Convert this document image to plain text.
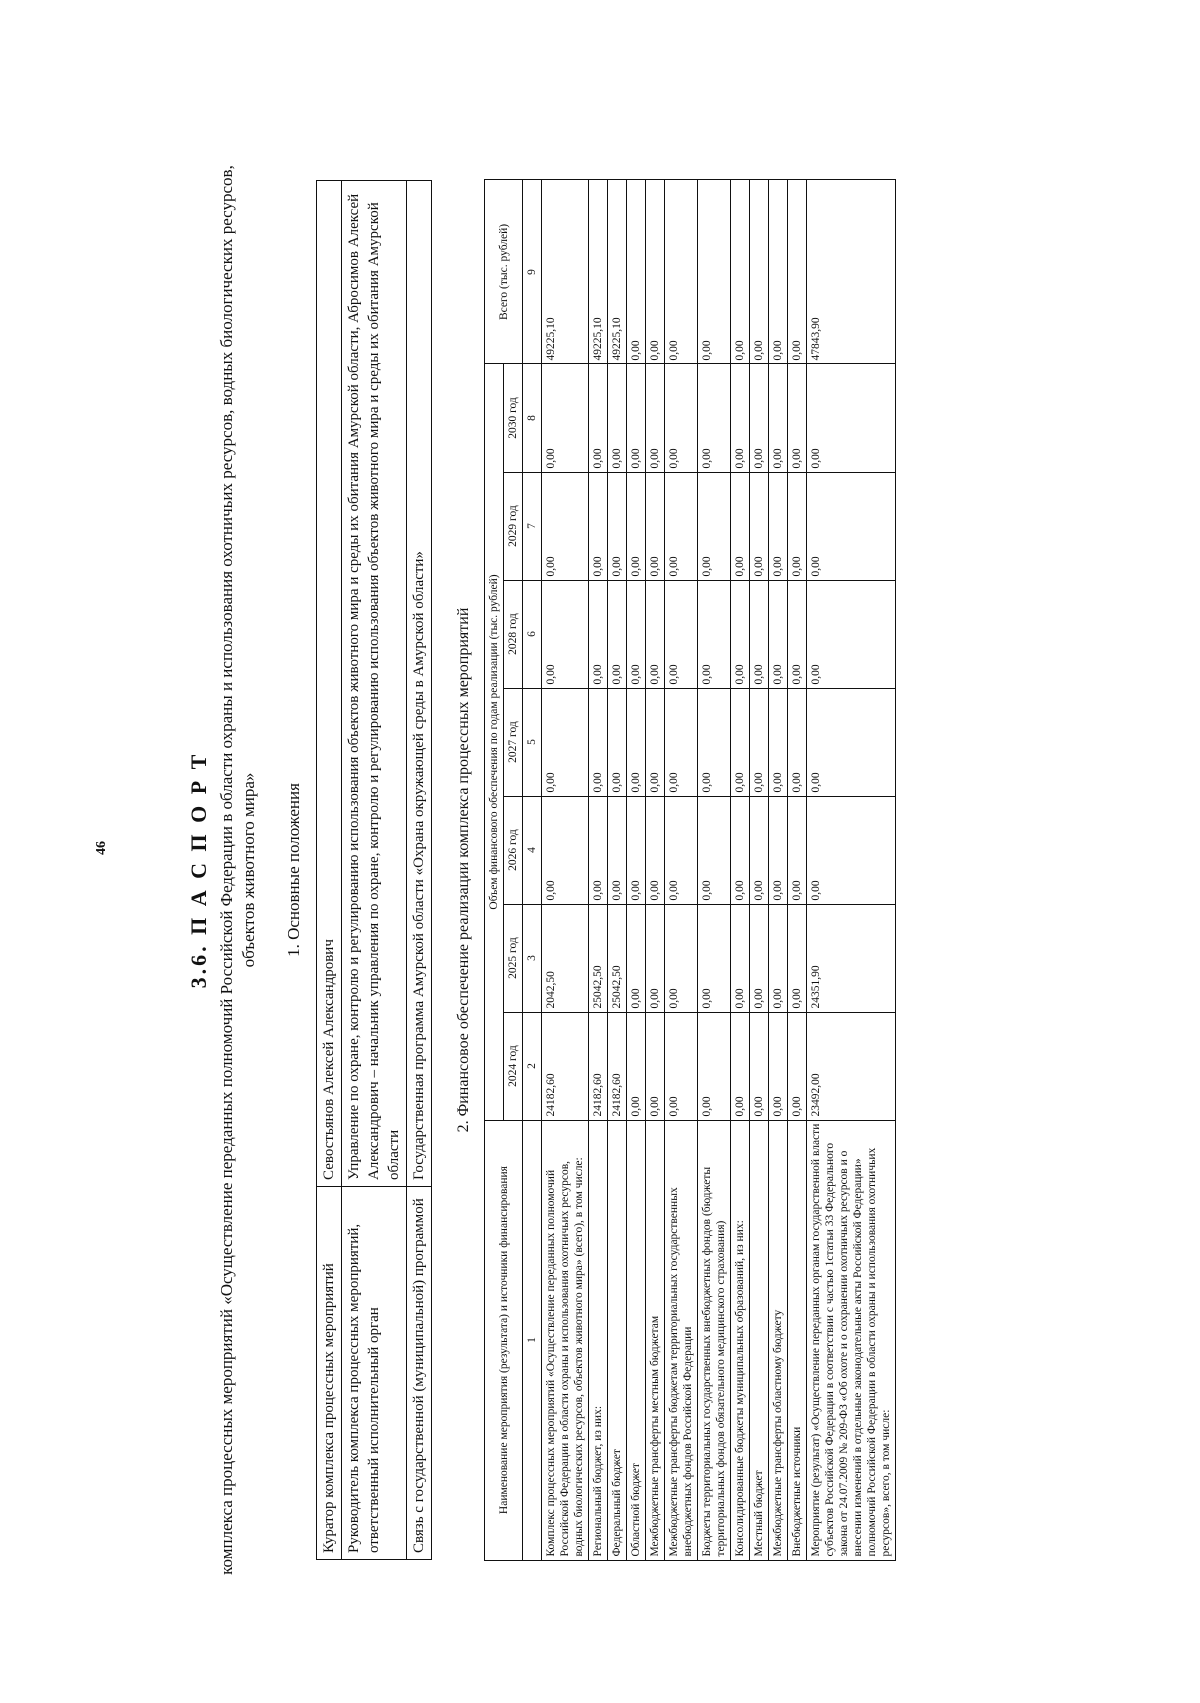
46	3.6. П А С П О Р Т комплекса процессных мероприятий «Осуществление переданных полномочий Российской Федерации в области охраны и использования охотничьих ресурсов, водных биологических ресурсов, объектов животного мира» 1. Основные положения
Куратор комплекса процессных мероприятий	Севостьянов Алексей Александрович
Руководитель комплекса процессных мероприятий, ответственный исполнительный орган	Управление по охране, контролю и регулированию использования объектов животного мира и среды их обитания Амурской области, Абросимов Алексей Александрович – начальник управления по охране, контролю и регулированию использования объектов животного мира и среды их обитания Амурской области
Связь с государственной (муниципальной) программой	Государственная программа Амурской области «Охрана окружающей среды в Амурской области» 2. Финансовое обеспечение реализации комплекса процессных мероприятий
Наименование мероприятия (результата) и источники финансирования	Объем финансового обеспечения по годам реализации (тыс. рублей)							Всего (тыс. рублей)
	2024 год	2025 год	2026 год	2027 год	2028 год	2029 год	2030 год	
1	2	3	4	5	6	7	8	9
Комплекс процессных мероприятий «Осуществление переданных полномочий Российской Федерации в области охраны и использования охотничьих ресурсов, водных биологических ресурсов, объектов животного мира» (всего), в том числе:	24182,60	2042,50	0,00	0,00	0,00	0,00	0,00	49225,10
Региональный бюджет, из них:	24182,60	25042,50	0,00	0,00	0,00	0,00	0,00	49225,10
Федеральный бюджет	24182,60	25042,50	0,00	0,00	0,00	0,00	0,00	49225,10
Областной бюджет	0,00	0,00	0,00	0,00	0,00	0,00	0,00	0,00
Межбюджетные трансферты местным бюджетам	0,00	0,00	0,00	0,00	0,00	0,00	0,00	0,00
Межбюджетные трансферты бюджетам территориальных государственных внебюджетных фондов Российской Федерации	0,00	0,00	0,00	0,00	0,00	0,00	0,00	0,00
Бюджеты территориальных государственных внебюджетных фондов (бюджеты территориальных фондов обязательного медицинского страхования)	0,00	0,00	0,00	0,00	0,00	0,00	0,00	0,00
Консолидированные бюджеты муниципальных образований, из них:	0,00	0,00	0,00	0,00	0,00	0,00	0,00	0,00
Местный бюджет	0,00	0,00	0,00	0,00	0,00	0,00	0,00	0,00
Межбюджетные трансферты областному бюджету	0,00	0,00	0,00	0,00	0,00	0,00	0,00	0,00
Внебюджетные источники	0,00	0,00	0,00	0,00	0,00	0,00	0,00	0,00
Мероприятие (результат) «Осуществление переданных органам государственной власти субъектов Российской Федерации в соответствии с частью 1статьи 33 Федерального закона от 24.07.2009 № 209-ФЗ «Об охоте и о сохранении охотничьих ресурсов и о внесении изменений в отдельные законодательные акты Российской Федерации» полномочий Российской Федерации в области охраны и использования охотничьих ресурсов», всего, в том числе:	23492,00	24351,90	0,00	0,00	0,00	0,00	0,00	47843,90
